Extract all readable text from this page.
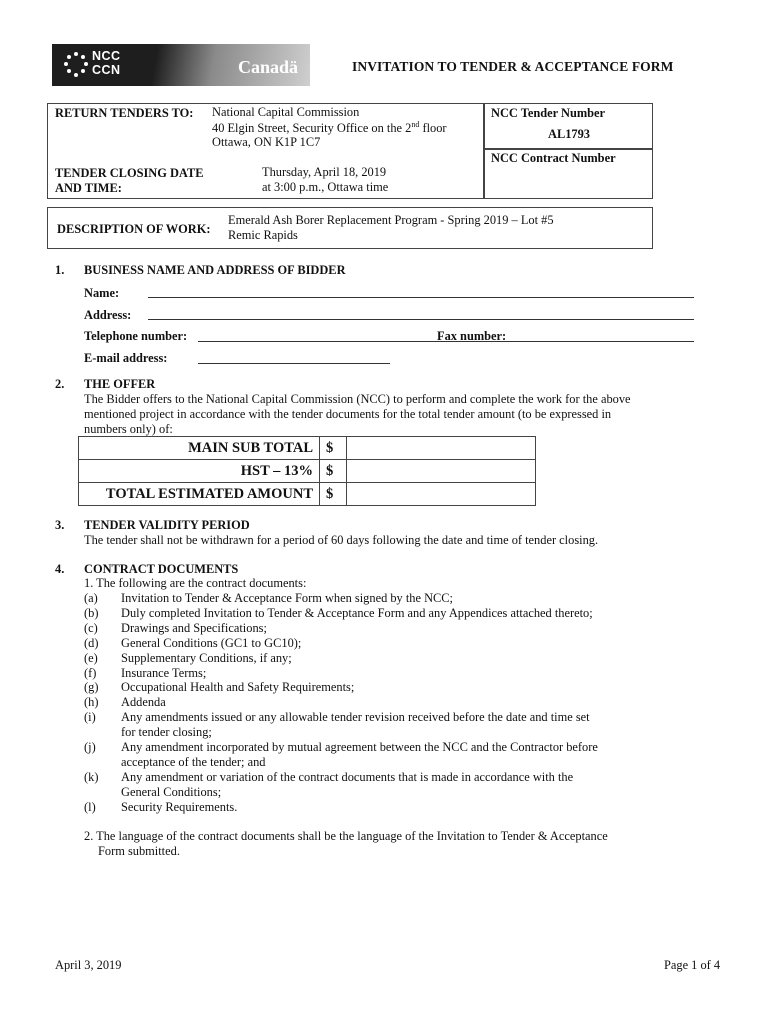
NCC
CCN	Canadä	INVITATION TO TENDER & ACCEPTANCE FORM
RETURN TENDERS TO: National Capital Commission
40 Elgin Street, Security Office on the 2nd floor
Ottawa, ON K1P 1C7
TENDER CLOSING DATE
AND TIME:
Thursday, April 18, 2019
at 3:00 p.m., Ottawa time
NCC Tender Number
AL1793
NCC Contract Number
DESCRIPTION OF WORK:
Emerald Ash Borer Replacement Program - Spring 2019 – Lot #5
Remic Rapids
1. BUSINESS NAME AND ADDRESS OF BIDDER
Name:
Address:
Telephone number:	Fax number:
E-mail address:
2. THE OFFER
The Bidder offers to the National Capital Commission (NCC) to perform and complete the work for the above
mentioned project in accordance with the tender documents for the total tender amount (to be expressed in
numbers only) of:
MAIN SUB TOTAL	$	
HST – 13%	$	
TOTAL ESTIMATED AMOUNT	$	
3. TENDER VALIDITY PERIOD
The tender shall not be withdrawn for a period of 60 days following the date and time of tender closing.
4. CONTRACT DOCUMENTS
1. The following are the contract documents:
(a) Invitation to Tender & Acceptance Form when signed by the NCC;
(b) Duly completed Invitation to Tender & Acceptance Form and any Appendices attached thereto;
(c) Drawings and Specifications;
(d) General Conditions (GC1 to GC10);
(e) Supplementary Conditions, if any;
(f) Insurance Terms;
(g) Occupational Health and Safety Requirements;
(h) Addenda
(i) Any amendments issued or any allowable tender revision received before the date and time set
for tender closing;
(j) Any amendment incorporated by mutual agreement between the NCC and the Contractor before
acceptance of the tender; and
(k) Any amendment or variation of the contract documents that is made in accordance with the
General Conditions;
(l) Security Requirements.
2. The language of the contract documents shall be the language of the Invitation to Tender & Acceptance
Form submitted.
April 3, 2019	Page 1 of 4
